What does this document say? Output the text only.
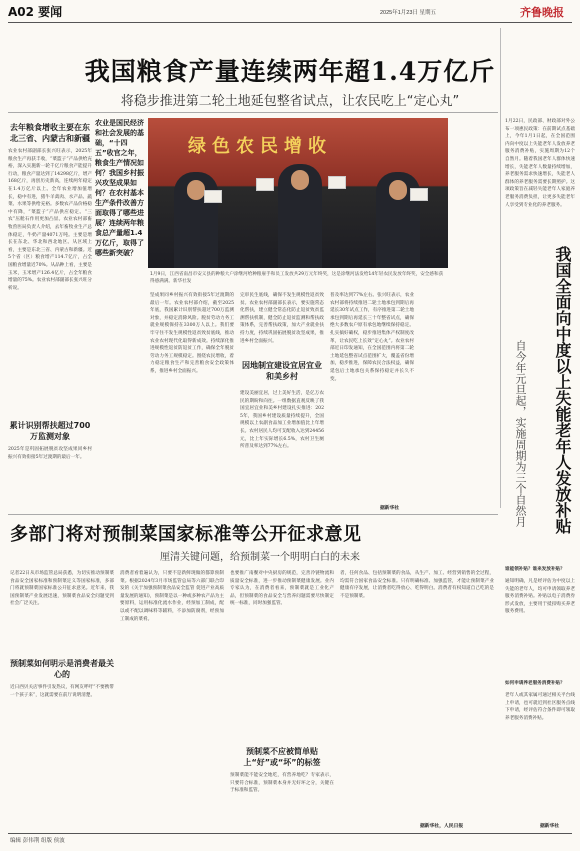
A02 要闻	2025年1月23日 星期五	齐鲁晚报
我国粮食产量连续两年超1.4万亿斤
将稳步推进第二轮土地延包整省试点，让农民吃上“定心丸”
去年粮食增收主要在东北三省、内蒙古和新疆
农业农村部副部长张兴旺表示，2025年粮食生产再获丰收，“菜篮子”产品供给充裕，深入实施新一轮千亿斤粮食产能提升行动，粮食产量达到了14298亿斤，增产168亿斤，再创历史新高，连续两年稳定在1.4万亿斤以上。全年农业增加值增长，稳中有进，猪牛羊禽肉、水产品、蔬菜、水果等供给充裕。多数农产品价格稳中有降，“菜篮子”产品供应稳定。“三农”压舱石作用更加凸显。农业农村部畜牧兽医局负责人介绍，去年畜牧业生产总体稳定，牛奶产量4071万吨。主要是增长在东北、华北和西北地区。从区域上看，主要是东北三省、内蒙古和新疆。近5个省（区）粮食增产114.7亿斤，占全国粮食增量近70%。从品种上看，主要是玉米，玉米增产126.4亿斤，占全年粮食增量的75%。农业农村部副部长张兴旺分析说。
累计识别帮扶超过700万监测对象
2025年是巩固拓展脱贫攻坚成果同乡村振兴有效衔接5年过渡期的最后一年。
农业是国民经济和社会发展的基础，“十四五”收官之年，粮食生产情况如何？我国乡村振兴攻坚成果如何？在农村基本生产条件改善方面取得了哪些进展？连续两年粮食总产量超1.4万亿斤，取得了哪些新突破？
绿色农民增收
1月9日，江西省南昌市安义县的种粮大户涂继河给种粮雇手和员工发放共29万元年终奖，这是涂继河法发给14年轻农民发放年终奖，安全感和获得感满满。新华社发
坚成果同乡村振兴有效衔接5年过渡期的最后一年。农业农村部介绍，截至2025年底，我国累计识别帮扶超过700万监测对象，并稳定消除风险。脱贫劳动力务工就业规模保持在3300万人以上。我们要牢守住不发生规模性返贫致贫底线，推动农业农村现代化取得新成效。持续深化推进规模性返贫防返贫工作，确保全年脱贫劳动力务工规模稳定。围绕农民增收，着力稳定粮食生产和完善粮食安全政策体系，推进乡村全面振兴。
完审民生底线，确保不发生规模性返贫致贫。农业农村部副部长表示，要实施常态化帮扶，建立健全常态化防止返贫致贫监测帮扶机制，健全防止返贫监测和帮扶政策体系，完善帮扶政策，加大产业就业扶持力度，持续巩固拓展脱贫攻坚成果，推进乡村全面振兴。
因地制宜建设宜居宜业和美乡村
建设美丽宜居，过上美好生活，是亿万农民的期盼和向往。一组数据直观反映了我国宜居宜业和美乡村建设扎实推进：2025年，我国乡村建设质量持续提升，全国规模以上农副食品加工业增加值比上年增长。农村居民人均可支配收入达到24456元，比上年实际增长6.5%，农村卫生厕所普及率达到77%左右。
普及率达到77%左右。张兴旺表示，农业农村部将持续推进二轮土地承包到期后再延长30年试点工作，有序推进第二轮土地承包到期后再延长三十年整省试点，确保绝大多数农户原有承包地继续保持稳定。扎实搞好确权，稳步推进集体产权制度改革，让农民吃上长效“定心丸”。农业农村部近日印发通知，在全国范围内将第二轮土地延包整省试点范围扩大，覆盖省份增加，稳步推进，保障农民合法权益，确保延包后土地承包关系保持稳定并长久不变。
据新华社
1月22日，民政部、财政部对外公布一项惠民政策：在前期试点基础上，今年1月1日起，在全国范围内向中度以上失能老年人发放养老服务消费补贴，实施周期为12个自然月。随着我国老年人群体快速增长，失能老年人数量持续增加，养老服务需求快速增长，失能老人群体的养老服务需要长期照护。这项政策旨在减轻失能老年人家庭养老服务消费负担，让更多失能老年人享受到专业化的养老服务。
我国全面向中度以上失能老年人发放补贴
自今年元旦起，实施周期为三个自然月
谁能领补贴？谁来发放补贴？
通知明确，凡是经评估为中度以上失能的老年人，均可申请领取养老服务消费补贴。补贴以电子消费券形式发放，主要用于抵扣购买养老服务费用。
如何申请养老服务消费补贴？
老年人或其家属可通过相关平台线上申请，也可就近到社区服务点线下申请，经评估符合条件即可领取养老服务消费补贴。
据新华社
多部门将对预制菜国家标准等公开征求意见
厘清关键问题，给预制菜一个明明白白的未来
记者22日从市场监管总局获悉，为切实推动预制菜食品安全国家标准和预制菜定义等国家标准，多部门将就预制菜国家标准公开征求意见。近年来，我国预制菜产业发展迅速，预制菜食品安全问题受到社会广泛关注。
预制菜如何明示是消费者最关心的
近日西贝关店事件引发热议，有网友呼吁“不要携带一个孩子来”，这就需要在前厅说明清楚。
消费者看着遍认为，只要不是新鲜现做的都算预制菜。根据2024年3月市场监管总局等六部门联合印发的《关于加强预制菜食品安全监管 促进产业高质量发展的通知》，预制菜是以一种或多种农产品为主要原料，运用标准化流水作业，经预加工制成，配以或不配以调味料等辅料，不添加防腐剂，经预加工制成的菜肴。
也要推广南餐对中央厨房的规范，完善冷链物流和质量安全标准，进一步推动预制菜健康发展。业内专家认为，在消费者看来，预制菜就是工业化产品，但预制菜的食品安全与营养问题需要尽快制定统一标准，同时加强监管。
预制菜不应被简单贴上“好”或“坏”的标签
预制菜能不能安全地吃，有营养地吃？专家表示，只要符合标准，预制菜本身并无好坏之分，关键在于标准和监管。
者，任何食品、包括预制菜的食品，从生产、加工、经营到销售的全过程，均需符合国家食品安全标准。只有明确标准、加强监管，才能让预制菜产业健康有序发展，让消费者吃得放心、吃得明白。消费者有权知道自己吃的是不是预制菜。
据新华社，人民日报
编辑 彭伟荆 组版 侯波
